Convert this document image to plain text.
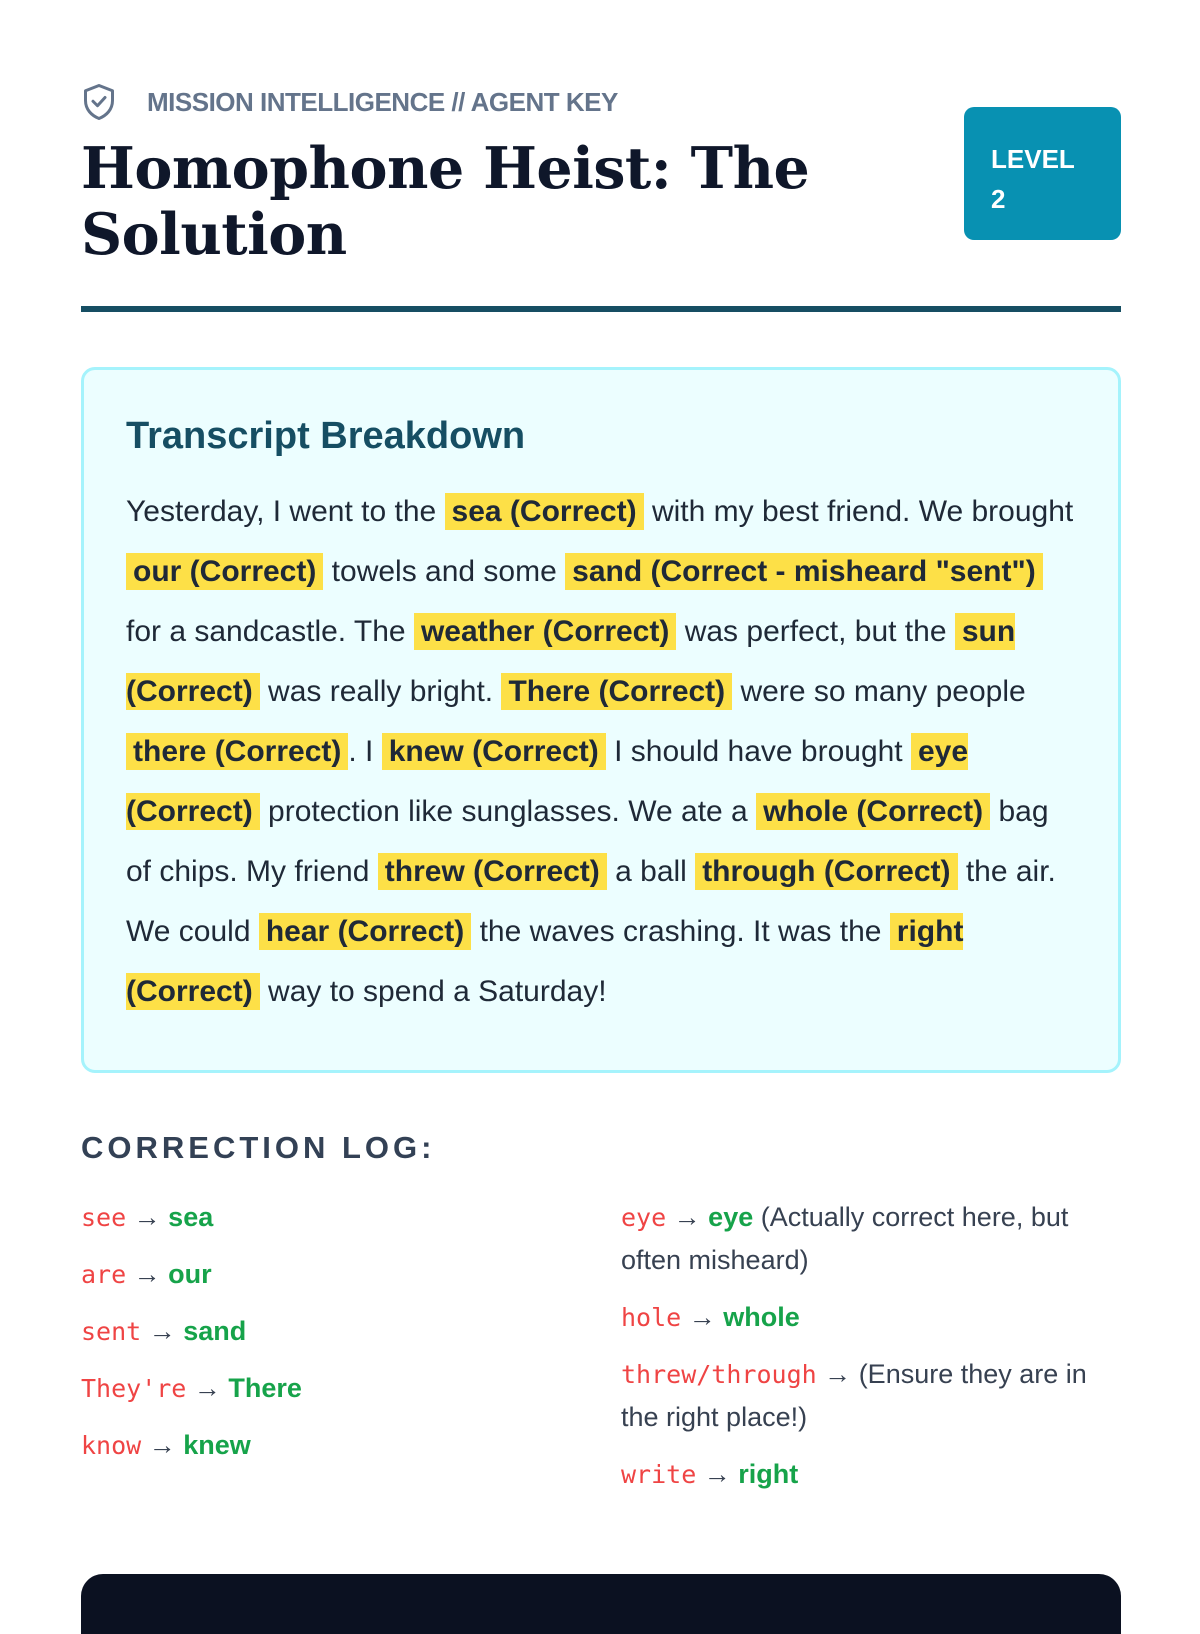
MISSION INTELLIGENCE // AGENT KEY
Homophone Heist: The Solution
LEVEL
2
Transcript Breakdown
Yesterday, I went to the sea (Correct) with my best friend. We brought our (Correct) towels and some sand (Correct - misheard "sent") for a sandcastle. The weather (Correct) was perfect, but the sun (Correct) was really bright. There (Correct) were so many people there (Correct) . I knew (Correct) I should have brought eye (Correct) protection like sunglasses. We ate a whole (Correct) bag of chips. My friend threw (Correct) a ball through (Correct) the air. We could hear (Correct) the waves crashing. It was the right (Correct) way to spend a Saturday!
CORRECTION LOG:
see → sea
are → our
sent → sand
They're → There
know → knew
eye → eye (Actually correct here, but often misheard)
hole → whole
threw/through → (Ensure they are in the right place!)
write → right
